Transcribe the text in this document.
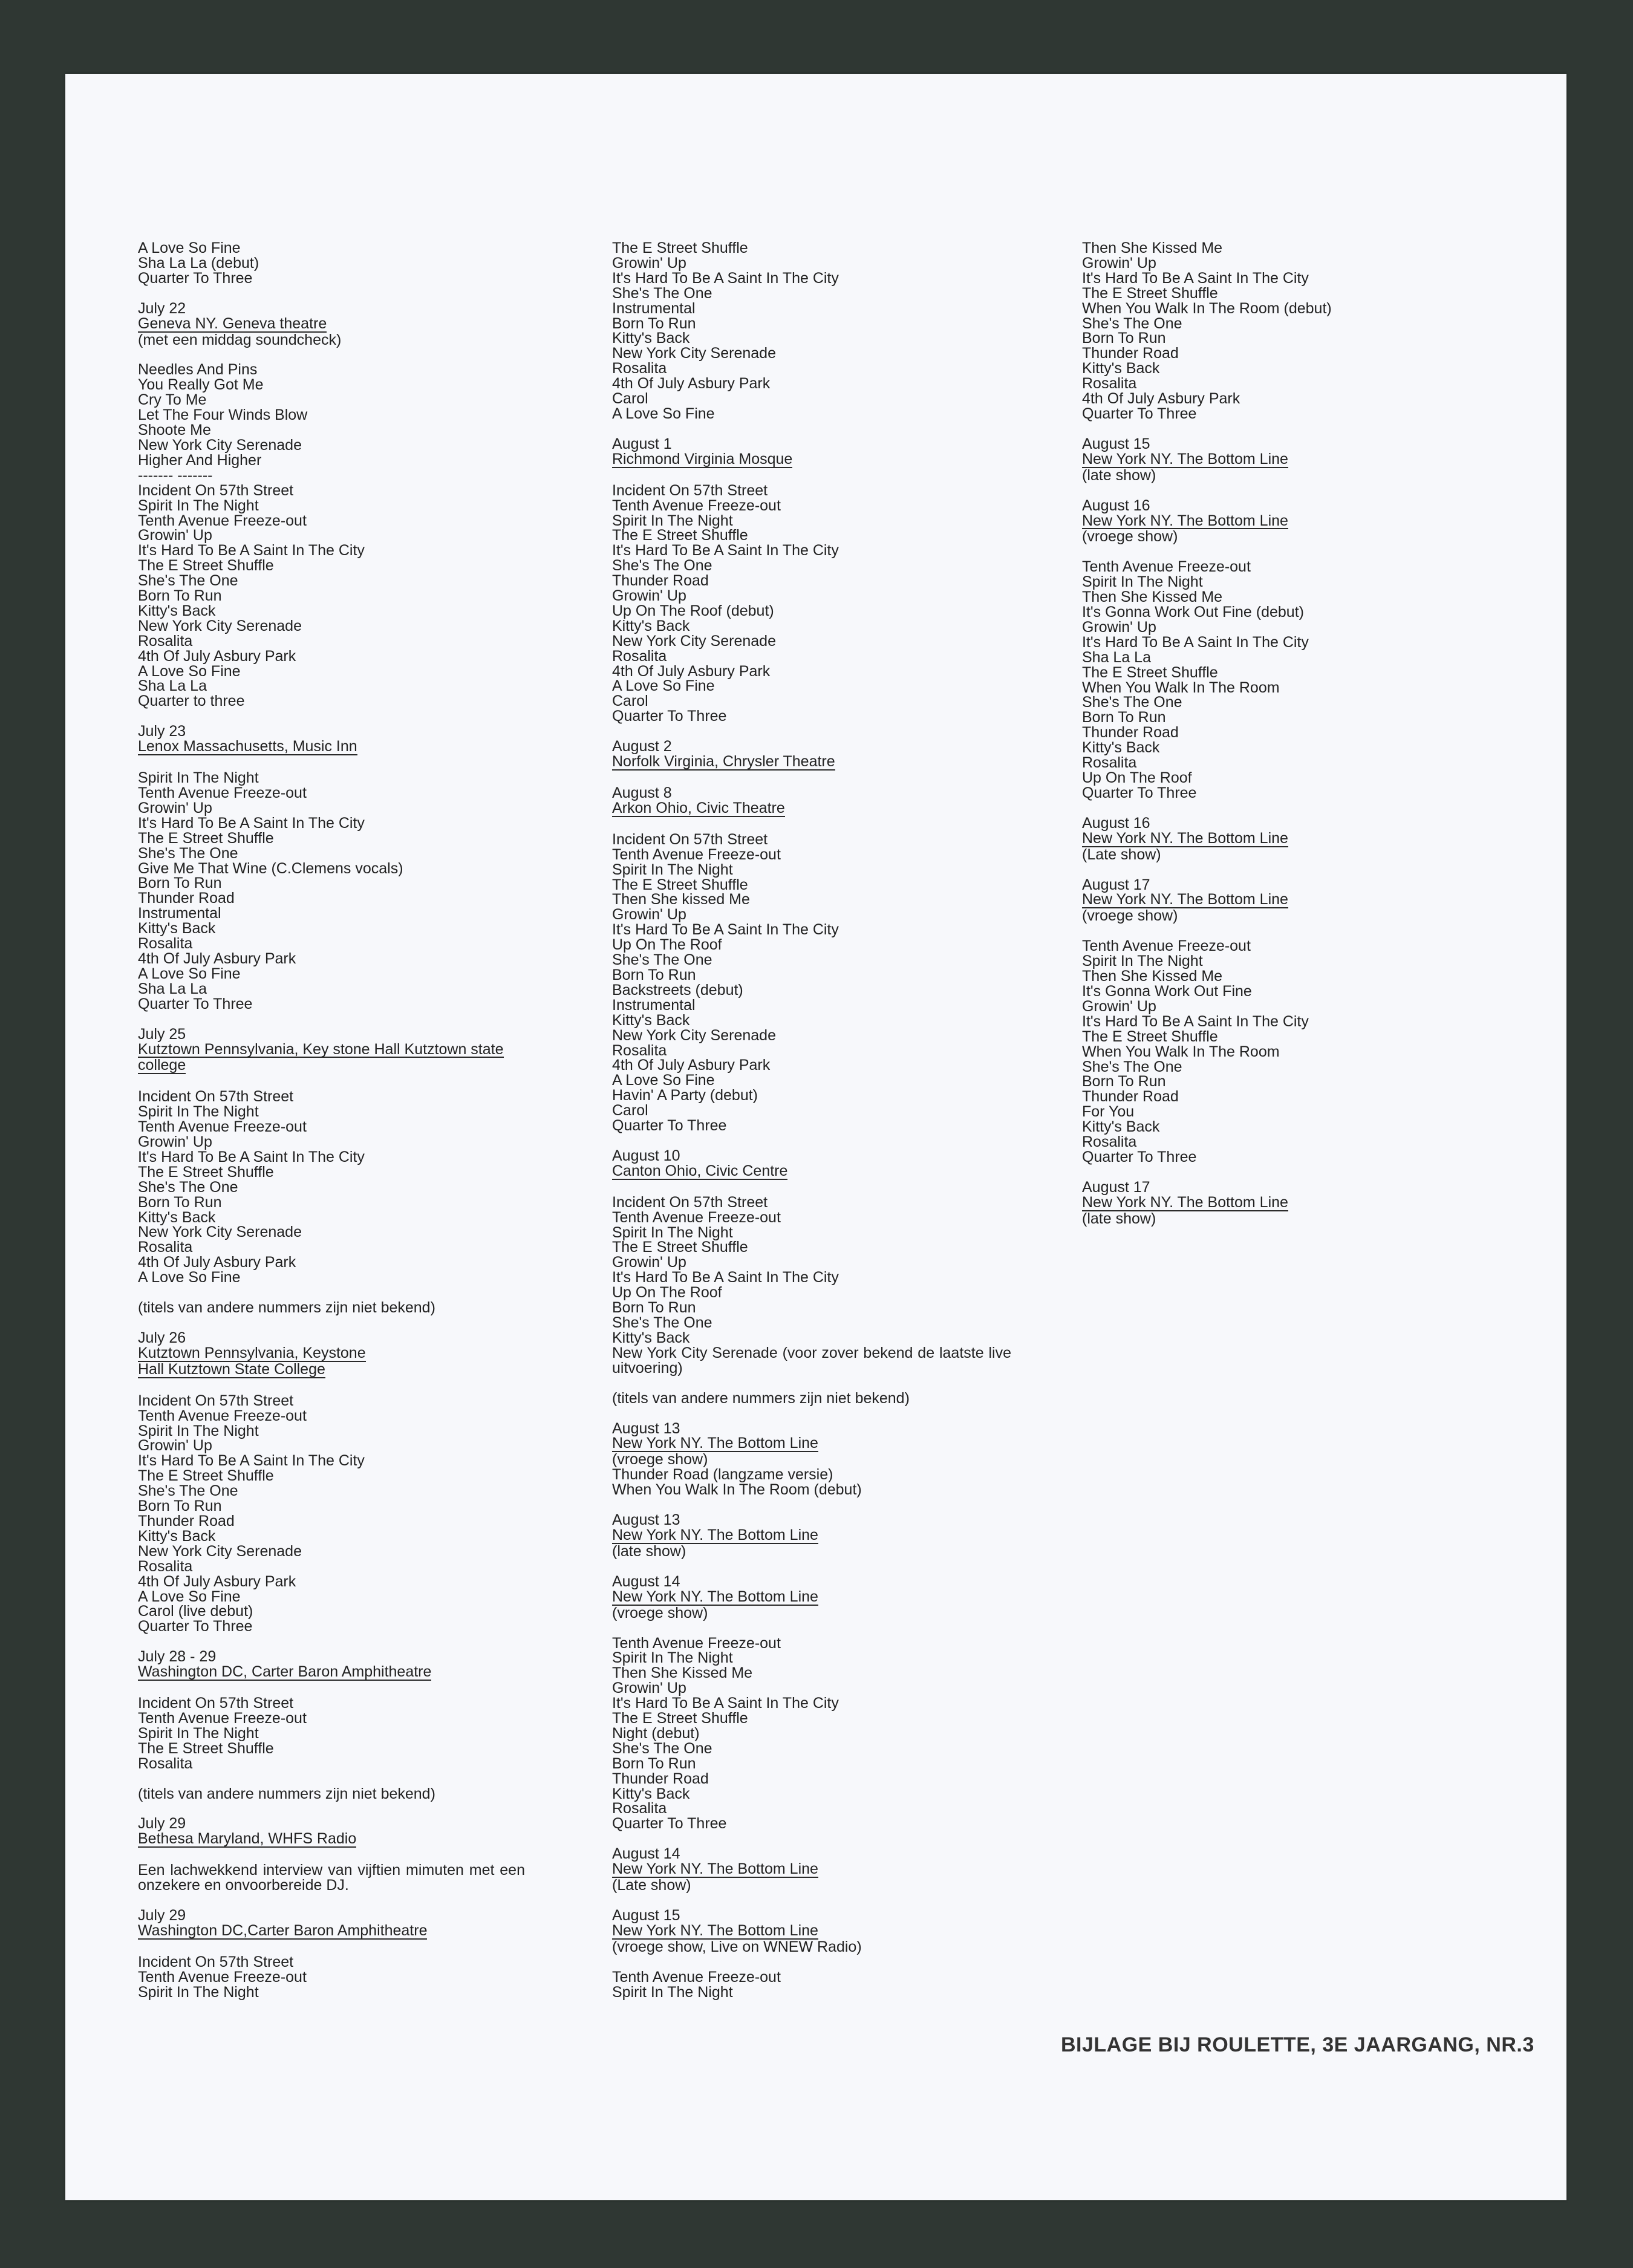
A Love So Fine
Sha La La (debut)
Quarter To Three
July 22
Geneva NY. Geneva theatre
(met een middag soundcheck)
Needles And Pins
You Really Got Me
Cry To Me
Let The Four Winds Blow
Shoote Me
New York City Serenade
Higher And Higher
------- -------
Incident On 57th Street
Spirit In The Night
Tenth Avenue Freeze-out
Growin' Up
It's Hard To Be A Saint In The City
The E Street Shuffle
She's The One
Born To Run
Kitty's Back
New York City Serenade
Rosalita
4th Of July Asbury Park
A Love So Fine
Sha La La
Quarter to three
July 23
Lenox Massachusetts, Music Inn
Spirit In The Night
Tenth Avenue Freeze-out
Growin' Up
It's Hard To Be A Saint In The City
The E Street Shuffle
She's The One
Give Me That Wine (C.Clemens vocals)
Born To Run
Thunder Road
Instrumental
Kitty's Back
Rosalita
4th Of July Asbury Park
A Love So Fine
Sha La La
Quarter To Three
July 25
Kutztown Pennsylvania, Key stone Hall Kutztown state
college
Incident On 57th Street
Spirit In The Night
Tenth Avenue Freeze-out
Growin' Up
It's Hard To Be A Saint In The City
The E Street Shuffle
She's The One
Born To Run
Kitty's Back
New York City Serenade
Rosalita
4th Of July Asbury Park
A Love So Fine
(titels van andere nummers zijn niet bekend)
July 26
Kutztown Pennsylvania, Keystone
Hall Kutztown State College
Incident On 57th Street
Tenth Avenue Freeze-out
Spirit In The Night
Growin' Up
It's Hard To Be A Saint In The City
The E Street Shuffle
She's The One
Born To Run
Thunder Road
Kitty's Back
New York City Serenade
Rosalita
4th Of July Asbury Park
A Love So Fine
Carol (live debut)
Quarter To Three
July 28 - 29
Washington DC, Carter Baron Amphitheatre
Incident On 57th Street
Tenth Avenue Freeze-out
Spirit In The Night
The E Street Shuffle
Rosalita
(titels van andere nummers zijn niet bekend)
July 29
Bethesa Maryland, WHFS Radio
Een lachwekkend interview van vijftien mimuten met een onzekere en onvoorbereide DJ.
July 29
Washington DC,Carter Baron Amphitheatre
Incident On 57th Street
Tenth Avenue Freeze-out
Spirit In The Night
The E Street Shuffle
Growin' Up
It's Hard To Be A Saint In The City
She's The One
Instrumental
Born To Run
Kitty's Back
New York City Serenade
Rosalita
4th Of July Asbury Park
Carol
A Love So Fine
August 1
Richmond Virginia Mosque
Incident On 57th Street
Tenth Avenue Freeze-out
Spirit In The Night
The E Street Shuffle
It's Hard To Be A Saint In The City
She's The One
Thunder Road
Growin' Up
Up On The Roof (debut)
Kitty's Back
New York City Serenade
Rosalita
4th Of July Asbury Park
A Love So Fine
Carol
Quarter To Three
August 2
Norfolk Virginia, Chrysler Theatre
August 8
Arkon Ohio, Civic Theatre
Incident On 57th Street
Tenth Avenue Freeze-out
Spirit In The Night
The E Street Shuffle
Then She kissed Me
Growin' Up
It's Hard To Be A Saint In The City
Up On The Roof
She's The One
Born To Run
Backstreets (debut)
Instrumental
Kitty's Back
New York City Serenade
Rosalita
4th Of July Asbury Park
A Love So Fine
Havin' A Party (debut)
Carol
Quarter To Three
August 10
Canton Ohio, Civic Centre
Incident On 57th Street
Tenth Avenue Freeze-out
Spirit In The Night
The E Street Shuffle
Growin' Up
It's Hard To Be A Saint In The City
Up On The Roof
Born To Run
She's The One
Kitty's Back
New York City Serenade (voor zover bekend de laatste live uitvoering)
(titels van andere nummers zijn niet bekend)
August 13
New York NY. The Bottom Line
(vroege show)
Thunder Road (langzame versie)
When You Walk In The Room (debut)
August 13
New York NY. The Bottom Line
(late show)
August 14
New York NY. The Bottom Line
(vroege show)
Tenth Avenue Freeze-out
Spirit In The Night
Then She Kissed Me
Growin' Up
It's Hard To Be A Saint In The City
The E Street Shuffle
Night (debut)
She's The One
Born To Run
Thunder Road
Kitty's Back
Rosalita
Quarter To Three
August 14
New York NY. The Bottom Line
(Late show)
August 15
New York NY. The Bottom Line
(vroege show, Live on WNEW Radio)
Tenth Avenue Freeze-out
Spirit In The Night
Then She Kissed Me
Growin' Up
It's Hard To Be A Saint In The City
The E Street Shuffle
When You Walk In The Room (debut)
She's The One
Born To Run
Thunder Road
Kitty's Back
Rosalita
4th Of July Asbury Park
Quarter To Three
August 15
New York NY. The Bottom Line
(late show)
August 16
New York NY. The Bottom Line
(vroege show)
Tenth Avenue Freeze-out
Spirit In The Night
Then She Kissed Me
It's Gonna Work Out Fine (debut)
Growin' Up
It's Hard To Be A Saint In The City
Sha La La
The E Street Shuffle
When You Walk In The Room
She's The One
Born To Run
Thunder Road
Kitty's Back
Rosalita
Up On The Roof
Quarter To Three
August 16
New York NY. The Bottom Line
(Late show)
August 17
New York NY. The Bottom Line
(vroege show)
Tenth Avenue Freeze-out
Spirit In The Night
Then She Kissed Me
It's Gonna Work Out Fine
Growin' Up
It's Hard To Be A Saint In The City
The E Street Shuffle
When You Walk In The Room
She's The One
Born To Run
Thunder Road
For You
Kitty's Back
Rosalita
Quarter To Three
August 17
New York NY. The Bottom Line
(late show)
BIJLAGE BIJ ROULETTE, 3E JAARGANG, NR.3
